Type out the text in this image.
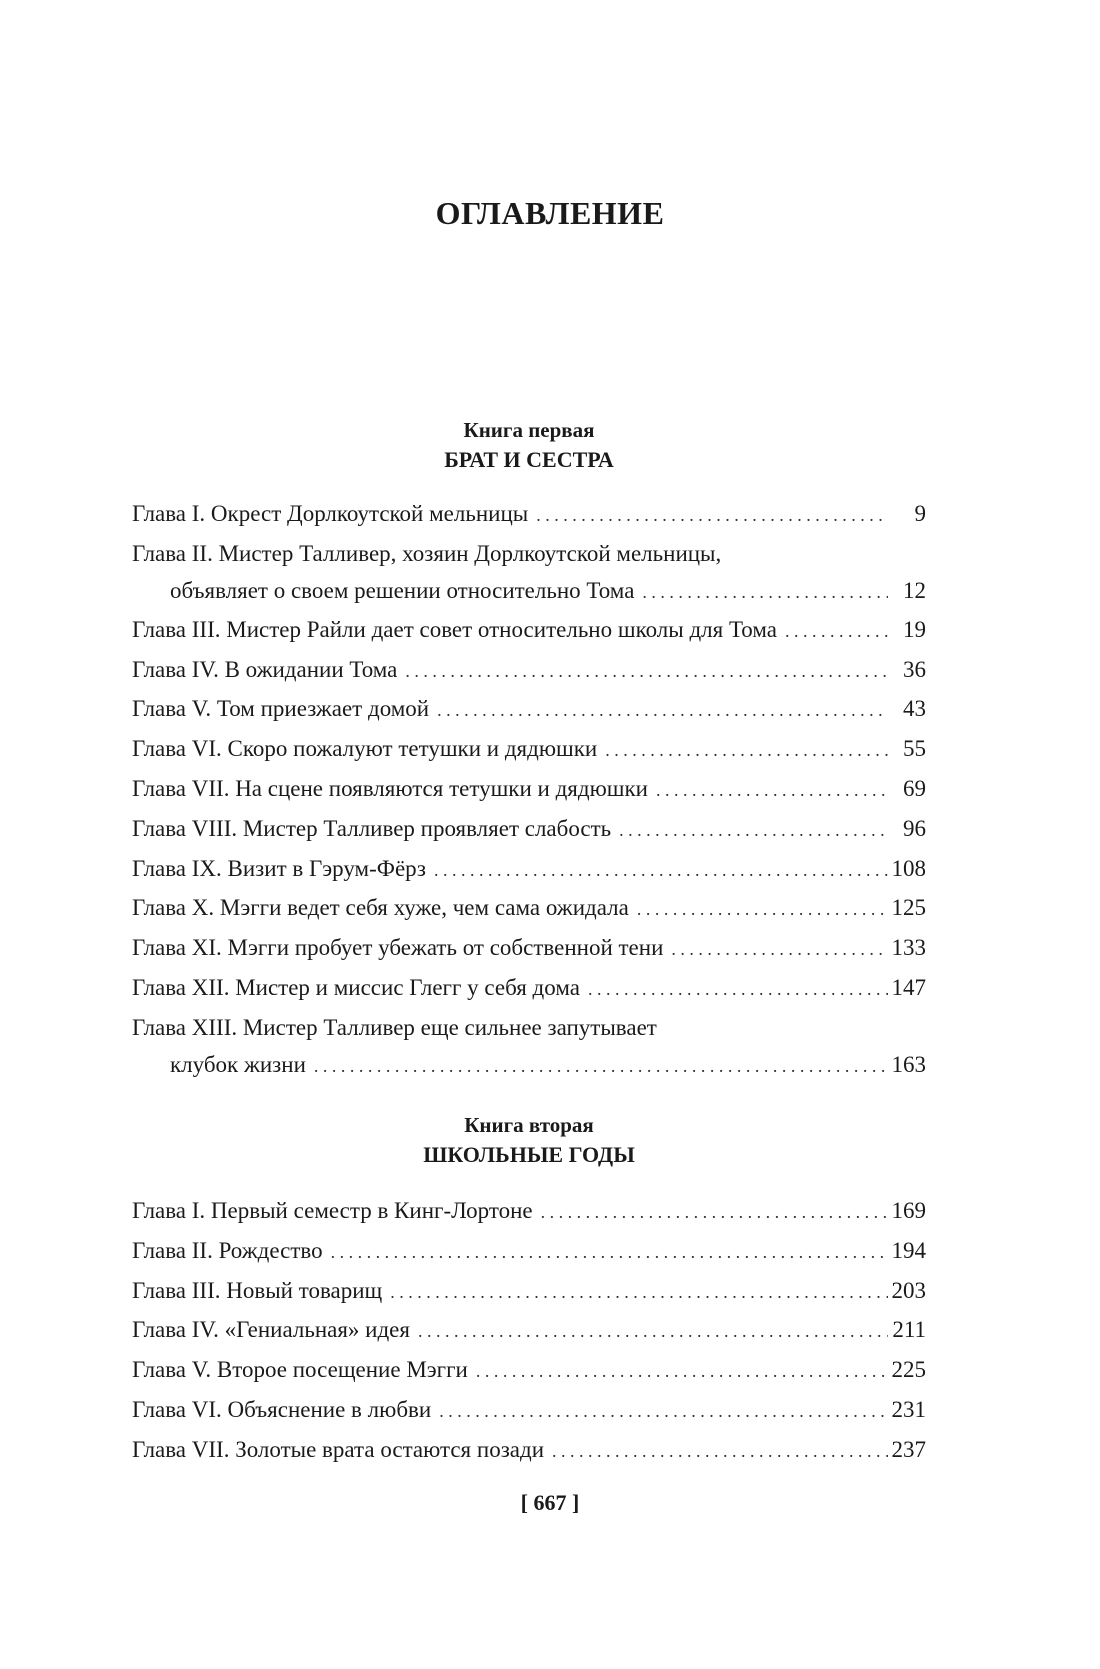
ОГЛАВЛЕНИЕ
Книга первая
БРАТ И СЕСТРА
Глава I. Окрест Дорлкоутской мельницы . . .	9
Глава II. Мистер Талливер, хозяин Дорлкоутской мельницы,
объявляет о своем решении относительно Тома . . .	12
Глава III. Мистер Райли дает совет относительно школы для Тома . . .	19
Глава IV. В ожидании Тома . . .	36
Глава V. Том приезжает домой . . .	43
Глава VI. Скоро пожалуют тетушки и дядюшки . . .	55
Глава VII. На сцене появляются тетушки и дядюшки . . .	69
Глава VIII. Мистер Талливер проявляет слабость . . .	96
Глава IX. Визит в Гэрум-Фёрз . . .	108
Глава X. Мэгги ведет себя хуже, чем сама ожидала . . .	125
Глава XI. Мэгги пробует убежать от собственной тени . . .	133
Глава XII. Мистер и миссис Глегг у себя дома . . .	147
Глава XIII. Мистер Талливер еще сильнее запутывает
клубок жизни . . .	163
Книга вторая
ШКОЛЬНЫЕ ГОДЫ
Глава I. Первый семестр в Кинг-Лортоне . . .	169
Глава II. Рождество . . .	194
Глава III. Новый товарищ . . .	203
Глава IV. «Гениальная» идея . . .	211
Глава V. Второе посещение Мэгги . . .	225
Глава VI. Объяснение в любви . . .	231
Глава VII. Золотые врата остаются позади . . .	237
[ 667 ]
